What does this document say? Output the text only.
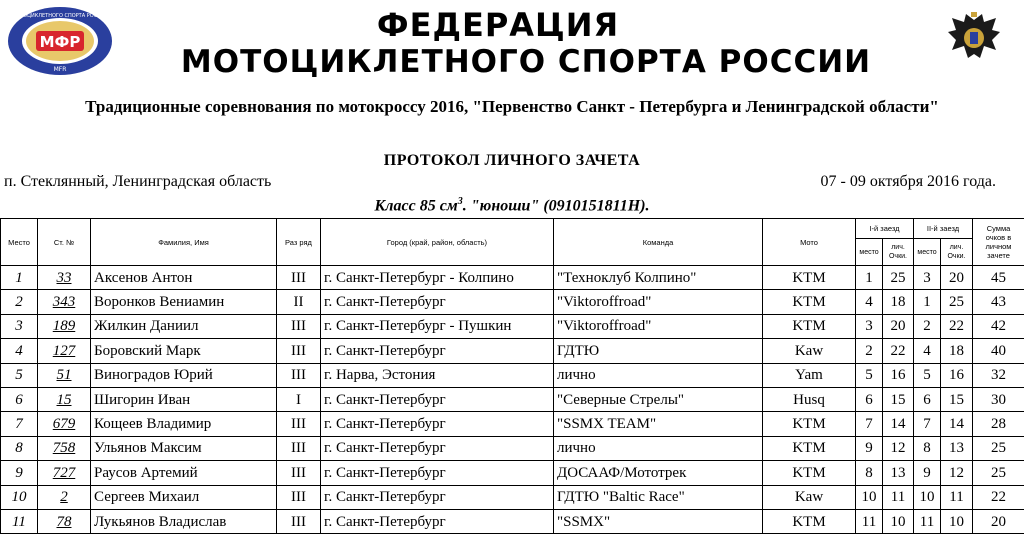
МФР
МОТОЦИКЛЕТНОГО СПОРТА РОССИИ
MFR
ФЕДЕРАЦИЯ
МОТОЦИКЛЕТНОГО СПОРТА РОССИИ
Традиционные соревнования по мотокроссу 2016, "Первенство Санкт - Петербурга и Ленинградской области"
ПРОТОКОЛ ЛИЧНОГО ЗАЧЕТА
п. Стеклянный, Ленинградская область	07 - 09 октября 2016 года.
Класс 85 $см^3$. "юноши" (0910151811Н).
Место	Ст. №	Фамилия, Имя	Раз ряд	Город (край, район, область)	Команда	Мото	I-й заезд		II-й заезд		Сумма очков в личном зачете
							место	лич. Очки.	место	лич. Очки.	
1	33	Аксенов Антон	III	г. Санкт-Петербург - Колпино	"Техноклуб Колпино"	KTM	1	25	3	20	45
2	343	Воронков Вениамин	II	г. Санкт-Петербург	"Viktoroffroad"	KTM	4	18	1	25	43
3	189	Жилкин Даниил	III	г. Санкт-Петербург - Пушкин	"Viktoroffroad"	KTM	3	20	2	22	42
4	127	Боровский Марк	III	г. Санкт-Петербург	ГДТЮ	Kaw	2	22	4	18	40
5	51	Виноградов Юрий	III	г. Нарва, Эстония	лично	Yam	5	16	5	16	32
6	15	Шигорин Иван	I	г. Санкт-Петербург	"Северные Стрелы"	Husq	6	15	6	15	30
7	679	Кощеев Владимир	III	г. Санкт-Петербург	"SSMX TEAM"	KTM	7	14	7	14	28
8	758	Ульянов Максим	III	г. Санкт-Петербург	лично	KTM	9	12	8	13	25
9	727	Раусов Артемий	III	г. Санкт-Петербург	ДОСААФ/Мототрек	KTM	8	13	9	12	25
10	2	Сергеев Михаил	III	г. Санкт-Петербург	ГДТЮ "Baltic Race"	Kaw	10	11	10	11	22
11	78	Лукьянов Владислав	III	г. Санкт-Петербург	"SSMX"	KTM	11	10	11	10	20
